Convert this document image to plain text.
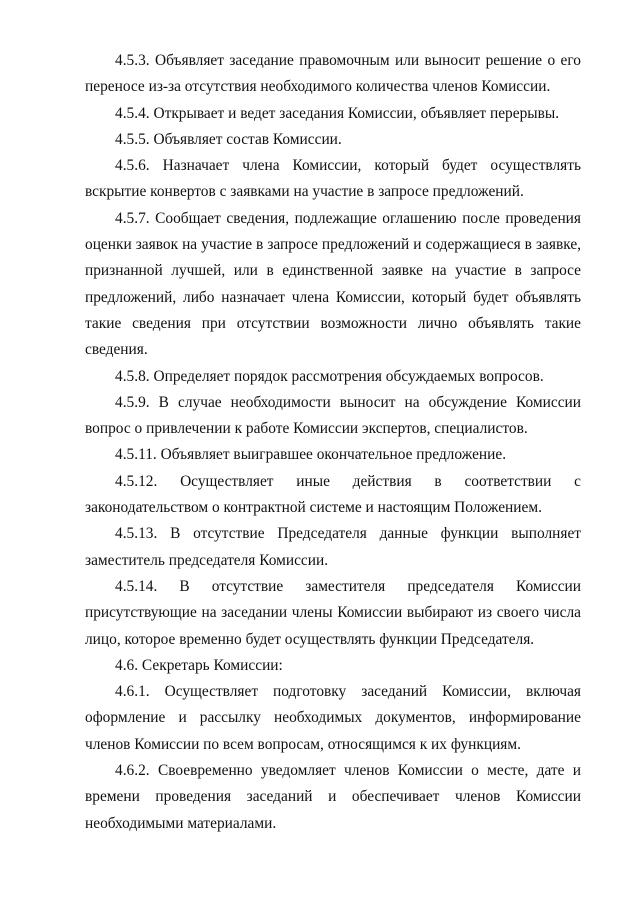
4.5.3. Объявляет заседание правомочным или выносит решение о его переносе из-за отсутствия необходимого количества членов Комиссии.

4.5.4. Открывает и ведет заседания Комиссии, объявляет перерывы.

4.5.5. Объявляет состав Комиссии.

4.5.6. Назначает члена Комиссии, который будет осуществлять вскрытие конвертов с заявками на участие в запросе предложений.

4.5.7. Сообщает сведения, подлежащие оглашению после проведения оценки заявок на участие в запросе предложений и содержащиеся в заявке, признанной лучшей, или в единственной заявке на участие в запросе предложений, либо назначает члена Комиссии, который будет объявлять такие сведения при отсутствии возможности лично объявлять такие сведения.

4.5.8. Определяет порядок рассмотрения обсуждаемых вопросов.

4.5.9. В случае необходимости выносит на обсуждение Комиссии вопрос о привлечении к работе Комиссии экспертов, специалистов.

4.5.11. Объявляет выигравшее окончательное предложение.

4.5.12. Осуществляет иные действия в соответствии с законодательством о контрактной системе и настоящим Положением.

4.5.13. В отсутствие Председателя данные функции выполняет заместитель председателя Комиссии.

4.5.14. В отсутствие заместителя председателя Комиссии присутствующие на заседании члены Комиссии выбирают из своего числа лицо, которое временно будет осуществлять функции Председателя.

4.6. Секретарь Комиссии:

4.6.1. Осуществляет подготовку заседаний Комиссии, включая оформление и рассылку необходимых документов, информирование членов Комиссии по всем вопросам, относящимся к их функциям.

4.6.2. Своевременно уведомляет членов Комиссии о месте, дате и времени проведения заседаний и обеспечивает членов Комиссии необходимыми материалами.
